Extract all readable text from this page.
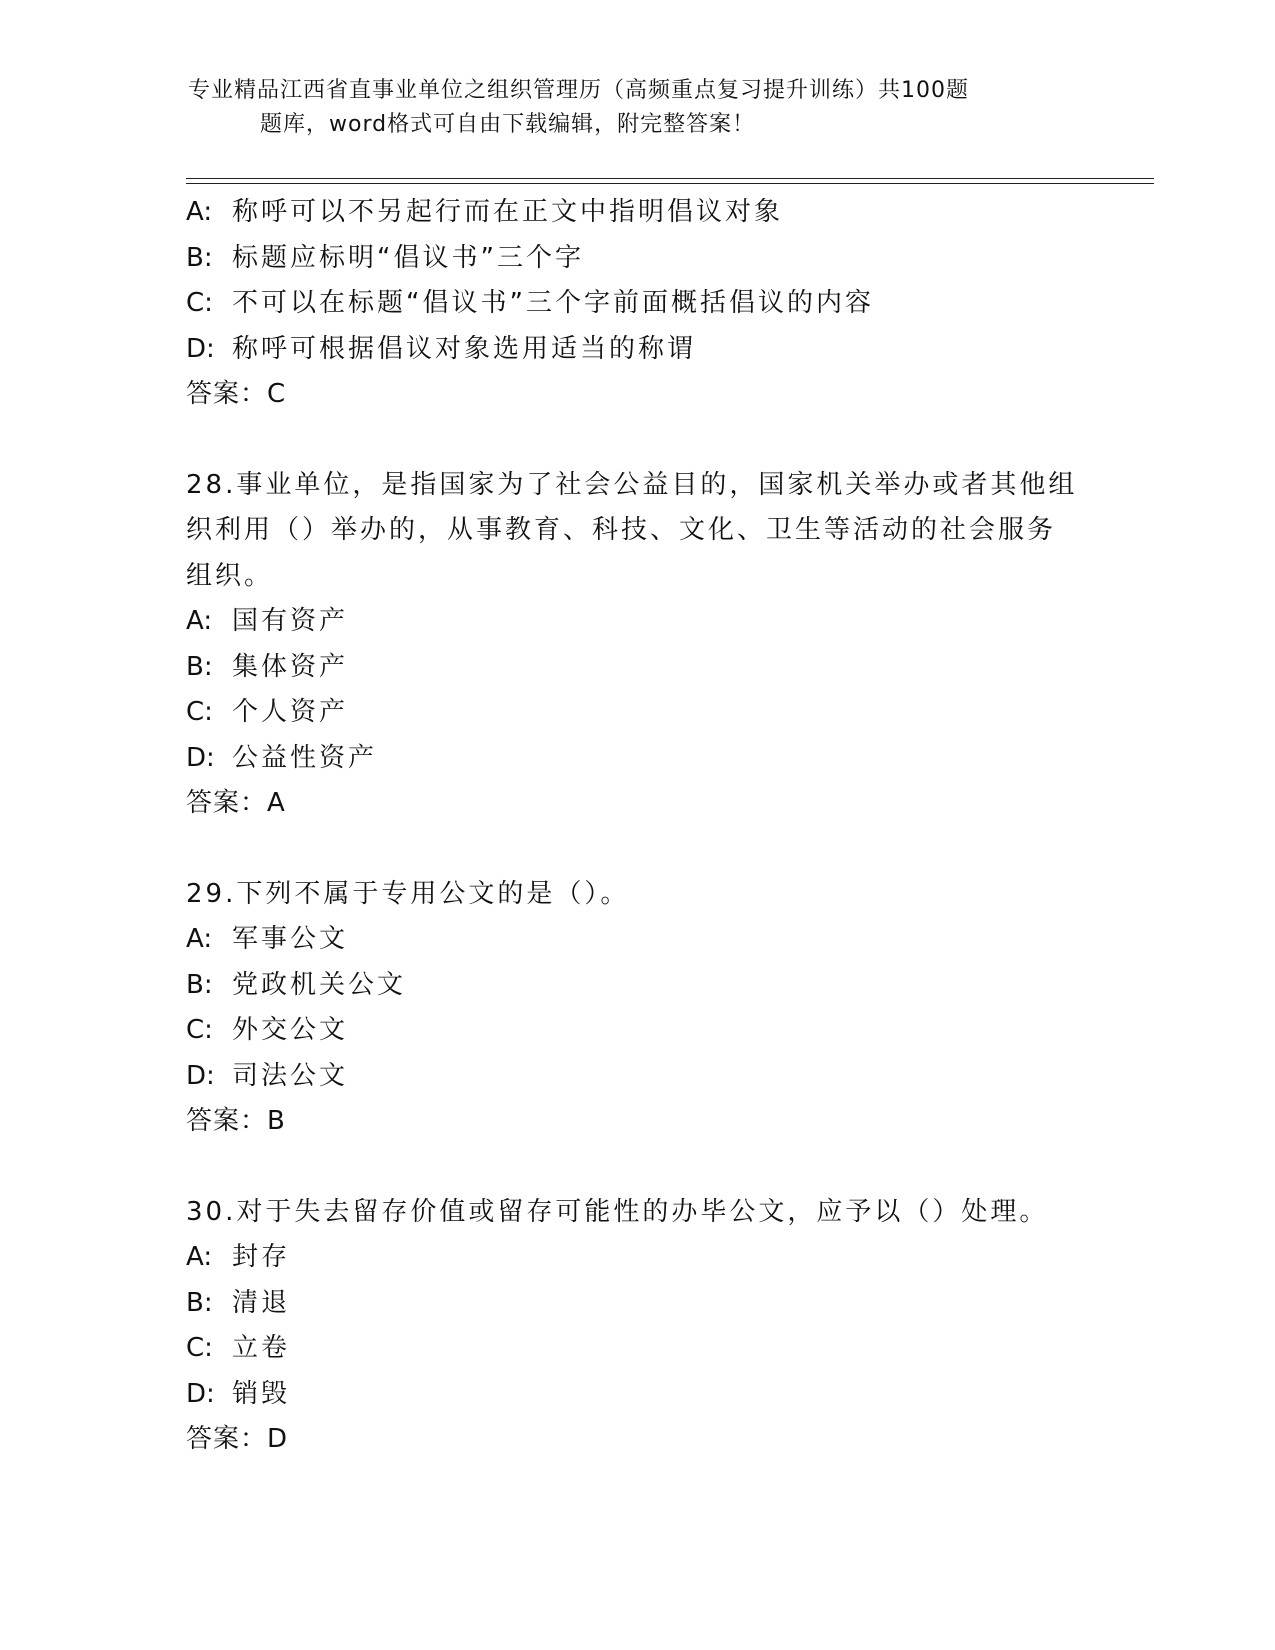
专业精品江西省直事业单位之组织管理历（高频重点复习提升训练）共100题
题库，word格式可自由下载编辑，附完整答案！
A: 称呼可以不另起行而在正文中指明倡议对象
B: 标题应标明“倡议书”三个字
C: 不可以在标题“倡议书”三个字前面概括倡议的内容
D: 称呼可根据倡议对象选用适当的称谓
答案：C
28.事业单位，是指国家为了社会公益目的，国家机关举办或者其他组
织利用（）举办的，从事教育、科技、文化、卫生等活动的社会服务
组织。
A: 国有资产
B: 集体资产
C: 个人资产
D: 公益性资产
答案：A
29.下列不属于专用公文的是（）。
A: 军事公文
B: 党政机关公文
C: 外交公文
D: 司法公文
答案：B
30.对于失去留存价值或留存可能性的办毕公文，应予以（）处理。
A: 封存
B: 清退
C: 立卷
D: 销毁
答案：D
